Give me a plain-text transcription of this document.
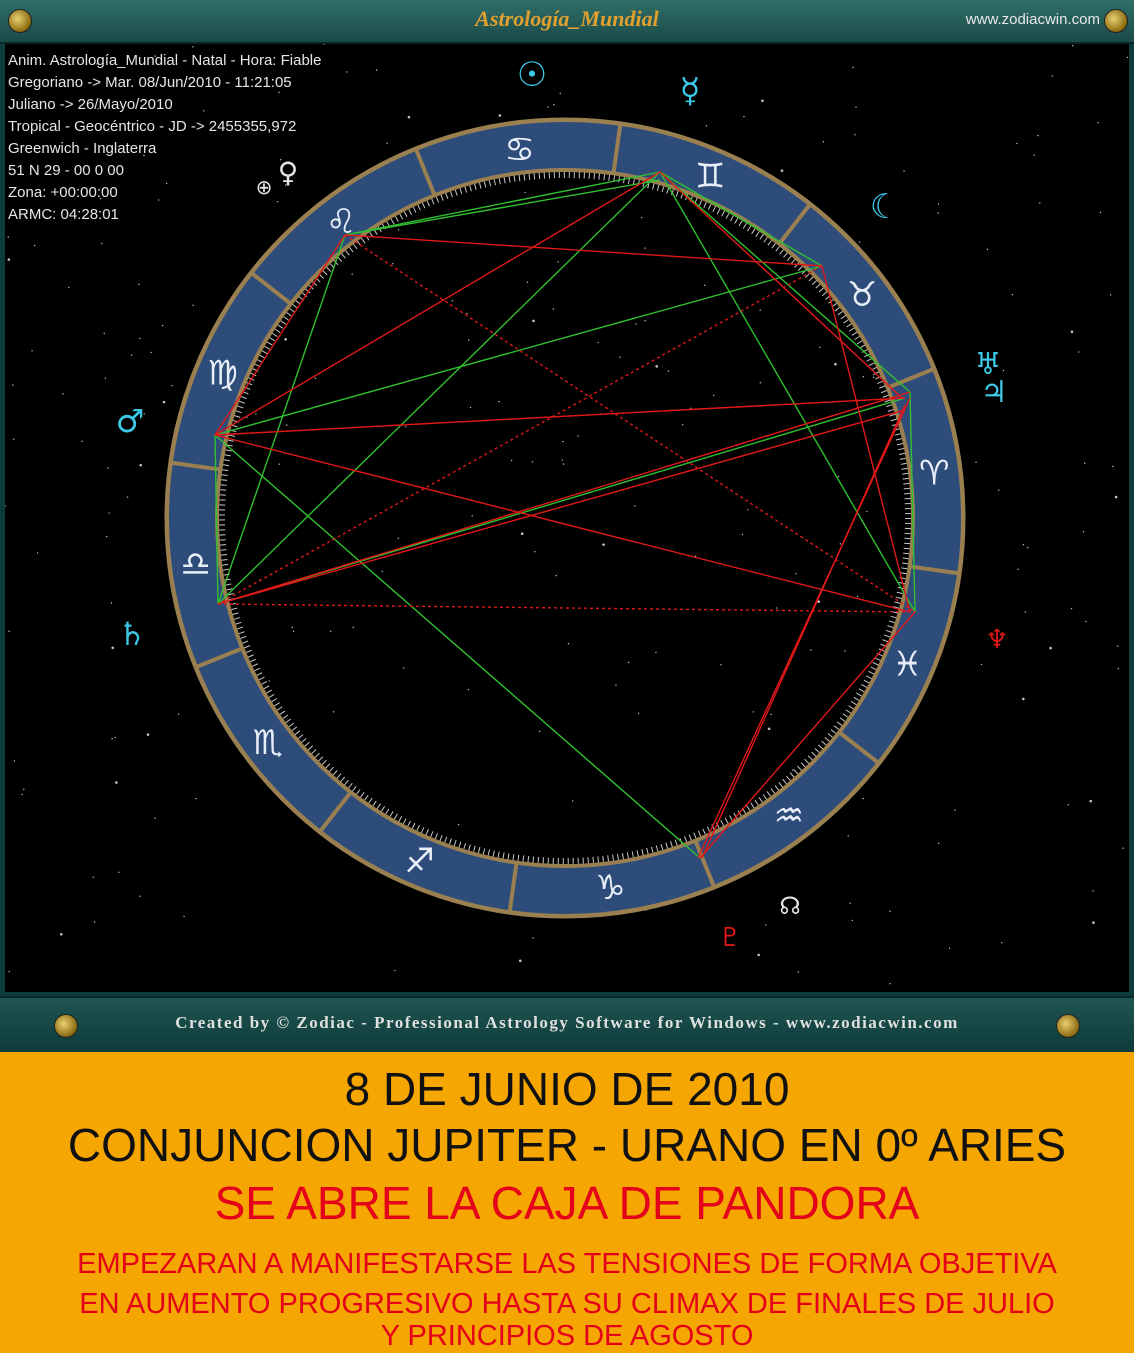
Astrología_Mundial	www.zodiacwin.com
♊
♉
♈
♓
♒
♑
♐
♏
♎
♍
♌
♋
☉	☿
☾
♅
♃
♆
☊
♇
♄
♂
♀
⊕
Anim. Astrología_Mundial - Natal - Hora: Fiable
Gregoriano -> Mar. 08/Jun/2010 - 11:21:05
Juliano -> 26/Mayo/2010
Tropical - Geocéntrico - JD -> 2455355,972
Greenwich - Inglaterra
51 N 29 - 00 0 00
Zona: +00:00:00
ARMC: 04:28:01
Created by © Zodiac - Professional Astrology Software for Windows - www.zodiacwin.com
8 DE JUNIO DE 2010
CONJUNCION JUPITER - URANO EN 0º ARIES
SE ABRE LA CAJA DE PANDORA
EMPEZARAN A MANIFESTARSE LAS TENSIONES DE FORMA OBJETIVA
EN AUMENTO PROGRESIVO HASTA SU CLIMAX DE FINALES DE JULIO
Y PRINCIPIOS DE AGOSTO
